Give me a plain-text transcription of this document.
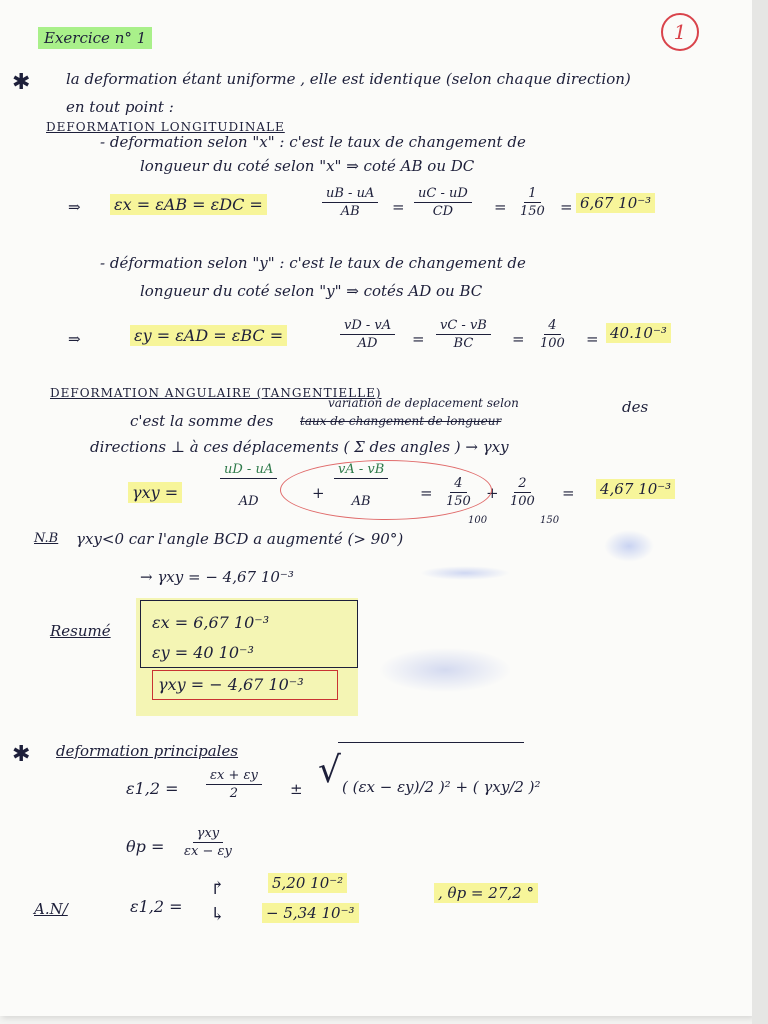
Exercice n° 1	1
✱ la deformation étant uniforme , elle est identique (selon chaque direction)
en tout point :
DEFORMATION LONGITUDINALE
- deformation selon "x" : c'est le taux de changement de
longueur du coté selon "x" ⇒ coté AB ou DC
⇒ εx = εAB = εDC =	$\frac{uB - uA}{AB} = \frac{uC - uD}{CD} = \frac{1}{150} = 6,67$ 10⁻³
- déformation selon "y" : c'est le taux de changement de
longueur du coté selon "y" ⇒ cotés AD ou BC
⇒	εy = εAD = εBC =	$\frac{vD - vA}{AD} = \frac{vC - vB}{BC} = \frac{4}{100} = 40.10^{-3}$
DEFORMATION ANGULAIRE (TANGENTIELLE)
variation de deplacement selon
c'est la somme des taux de changement de longueur
des
directions ⊥ à ces déplacements ( Σ des angles ) → γxy
γxy =	$\frac{uD - uA}{AD} + \frac{vA - vB}{AB} = \frac{4}{150}$
100
+ $\frac{2}{100}$
150
= 4,67 10⁻³
N.B γxy<0 car l'angle BCD a augmenté (> 90°)
→ γxy = − 4,67 10⁻³
Resumé	εx = 6,67 10⁻³
εy = 40 10⁻³
γxy = − 4,67 10⁻³
✱ deformation principales
$\varepsilon 1,2 = \frac{\varepsilon x + \varepsilon y}{2}$ ± √ ( (εx − εy)/2 )² + ( γxy/2 )²
θp =
γxy
εx − εy
A.N/	ε1,2 =
↱
↳
5,20 10⁻²
− 5,34 10⁻³
, θp = 27,2 °
